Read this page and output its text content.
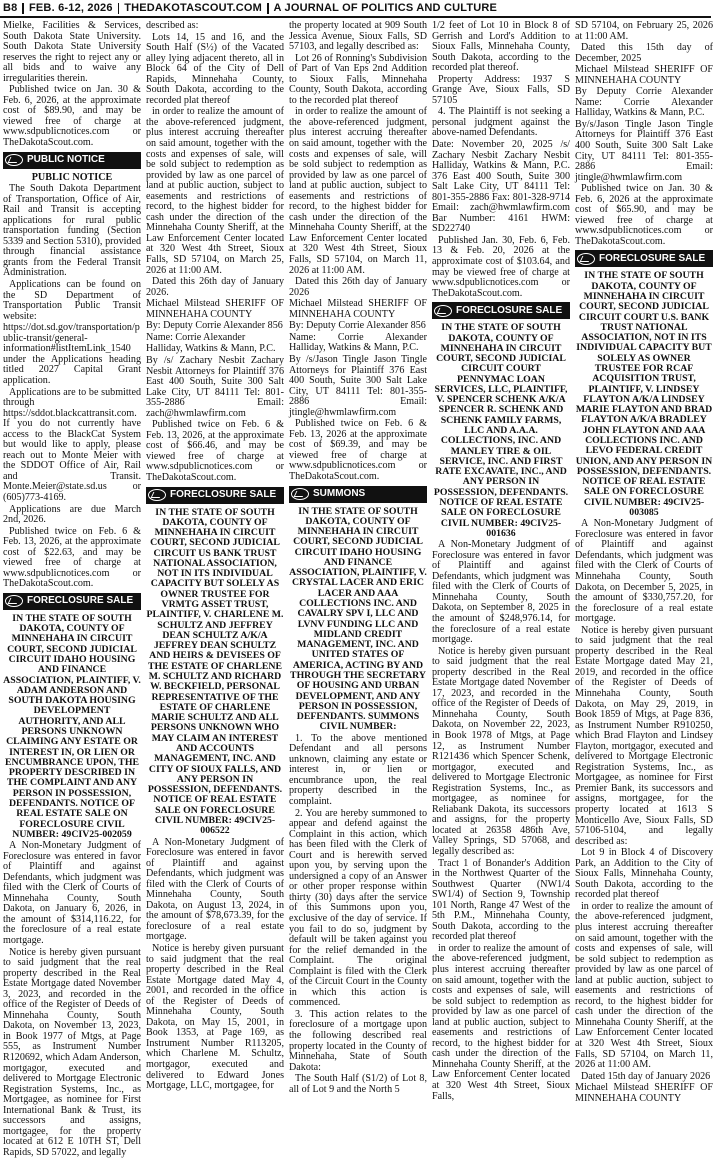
B8 FEB. 6-12, 2026 THEDAKOTASCOUT.COM A JOURNAL OF POLITICS AND CULTURE

Mielke, Facilities & Services, South Dakota State University. South Dakota State University reserves the right to reject any or all bids and to waive any irregularities therein.

Published twice on Jan. 30 & Feb. 6, 2026, at the approximate cost of $89.90, and may be viewed free of charge at www.sdpublicnotices.com or TheDakotaScout.com.

PUBLIC NOTICE

PUBLIC NOTICE

The South Dakota Department of Transportation, Office of Air, Rail and Transit is accepting applications for rural public transportation funding (Section 5339 and Section 5310), provided through financial assistance grants from the Federal Transit Administration.

Applications can be found on the SD Department of Transportation Public Transit website:

https://dot.sd.gov/transportation/public-transit/general-information#listItemLink_1540 under the Applications heading titled 2027 Capital Grant application.

Applications are to be submitted through https://sddot.blackcattransit.com. If you do not currently have access to the BlackCat System but would like to apply, please reach out to Monte Meier with the SDDOT Office of Air, Rail and Transit. Monte.Meier@state.sd.us or (605)773-4169.

Applications are due March 2nd, 2026.

Published twice on Feb. 6 & Feb. 13, 2026, at the approximate cost of $22.63, and may be viewed free of charge at www.sdpublicnotices.com or TheDakotaScout.com.

FORECLOSURE SALE

IN THE STATE OF SOUTH DAKOTA, COUNTY OF MINNEHAHA IN CIRCUIT COURT, SECOND JUDICIAL CIRCUIT IDAHO HOUSING AND FINANCE ASSOCIATION, PLAINTIFF, V. ADAM ANDERSON AND SOUTH DAKOTA HOUSING DEVELOPMENT AUTHORITY, AND ALL PERSONS UNKNOWN CLAIMING ANY ESTATE OR INTEREST IN, OR LIEN OR ENCUMBRANCE UPON, THE PROPERTY DESCRIBED IN THE COMPLAINT AND ANY PERSON IN POSSESSION, DEFENDANTS. NOTICE OF REAL ESTATE SALE ON FORECLOSURE CIVIL NUMBER: 49CIV25-002059

A Non-Monetary Judgment of Foreclosure was entered in favor of Plaintiff and against Defendants, which judgment was filed with the Clerk of Courts of Minnehaha County, South Dakota, on January 6, 2026, in the amount of $314,116.22, for the foreclosure of a real estate mortgage.

Notice is hereby given pursuant to said judgment that the real property described in the Real Estate Mortgage dated November 3, 2023, and recorded in the office of the Register of Deeds of Minnehaha County, South Dakota, on November 13, 2023, in Book 1977 of Mtgs, at Page 555, as Instrument Number R120692, which Adam Anderson, mortgagor, executed and delivered to Mortgage Electronic Registration Systems, Inc., as Mortgagee, as nominee for First International Bank & Trust, its successors and assigns, mortgagee, for the property located at 612 E 10TH ST, Dell Rapids, SD 57022, and legally

described as:

Lots 14, 15 and 16, and the South Half (S½) of the Vacated alley lying adjacent thereto, all in Block 64 of the City of Dell Rapids, Minnehaha County, South Dakota, according to the recorded plat thereof

in order to realize the amount of the above-referenced judgment, plus interest accruing thereafter on said amount, together with the costs and expenses of sale, will be sold subject to redemption as provided by law as one parcel of land at public auction, subject to easements and restrictions of record, to the highest bidder for cash under the direction of the Minnehaha County Sheriff, at the Law Enforcement Center located at 320 West 4th Street, Sioux Falls, SD 57104, on March 25, 2026 at 11:00 AM.

Dated this 26th day of January 2026.

Michael Milstead SHERIFF OF MINNEHAHA COUNTY

By: Deputy Corrie Alexander 856

Name: Corrie Alexander

Halliday, Watkins & Mann, P.C.

By /s/ Zachary Nesbit Zachary Nesbit Attorneys for Plaintiff 376 East 400 South, Suite 300 Salt Lake City, UT 84111 Tel: 801-355-2886 Email: zach@hwmlawfirm.com

Published twice on Feb. 6 & Feb. 13, 2026, at the approximate cost of $66.46, and may be viewed free of charge at www.sdpublicnotices.com or TheDakotaScout.com.

FORECLOSURE SALE

IN THE STATE OF SOUTH DAKOTA, COUNTY OF MINNEHAHA IN CIRCUIT COURT, SECOND JUDICIAL CIRCUIT US BANK TRUST NATIONAL ASSOCIATION, NOT IN ITS INDIVIDUAL CAPACITY BUT SOLELY AS OWNER TRUSTEE FOR VRMTG ASSET TRUST, PLAINTIFF, V. CHARLENE M. SCHULTZ AND JEFFREY DEAN SCHULTZ A/K/A JEFFREY DEAN SCHULTZ AND HEIRS & DEVISEES OF THE ESTATE OF CHARLENE M. SCHULTZ AND RICHARD W. BECKFIELD, PERSONAL REPRESENTATIVE OF THE ESTATE OF CHARLENE MARIE SCHULTZ AND ALL PERSONS UNKNOWN WHO MAY CLAIM AN INTEREST AND ACCOUNTS MANAGEMENT, INC. AND CITY OF SIOUX FALLS, AND ANY PERSON IN POSSESSION, DEFENDANTS. NOTICE OF REAL ESTATE SALE ON FORECLOSURE CIVIL NUMBER: 49CIV25-006522

A Non-Monetary Judgment of Foreclosure was entered in favor of Plaintiff and against Defendants, which judgment was filed with the Clerk of Courts of Minnehaha County, South Dakota, on August 13, 2024, in the amount of $78,673.39, for the foreclosure of a real estate mortgage.

Notice is hereby given pursuant to said judgment that the real property described in the Real Estate Mortgage dated May 4, 2001, and recorded in the office of the Register of Deeds of Minnehaha County, South Dakota, on May 15, 2001, in Book 1353, at Page 169, as Instrument Number R113205, which Charlene M. Schultz, mortgagor, executed and delivered to Edward Jones Mortgage, LLC, mortgagee, for

the property located at 909 South Jessica Avenue, Sioux Falls, SD 57103, and legally described as:

Lot 26 of Ronning's Subdivision of Part of Van Eps 2nd Addition to Sioux Falls, Minnehaha County, South Dakota, according to the recorded plat thereof

in order to realize the amount of the above-referenced judgment, plus interest accruing thereafter on said amount, together with the costs and expenses of sale, will be sold subject to redemption as provided by law as one parcel of land at public auction, subject to easements and restrictions of record, to the highest bidder for cash under the direction of the Minnehaha County Sheriff, at the Law Enforcement Center located at 320 West 4th Street, Sioux Falls, SD 57104, on March 11, 2026 at 11:00 AM.

Dated this 26th day of January 2026

Michael Milstead SHERIFF OF MINNEHAHA COUNTY

By: Deputy Corrie Alexander 856

Name: Corrie Alexander Halliday, Watkins & Mann, P.C.

By /s/Jason Tingle Jason Tingle Attorneys for Plaintiff 376 East 400 South, Suite 300 Salt Lake City, UT 84111 Tel: 801-355-2886 Email: jtingle@hwmlawfirm.com

Published twice on Feb. 6 & Feb. 13, 2026 at the approximate cost of $69.39, and may be viewed free of charge at www.sdpublicnotices.com or TheDakotaScout.com.

SUMMONS

IN THE STATE OF SOUTH DAKOTA, COUNTY OF MINNEHAHA IN CIRCUIT COURT, SECOND JUDICIAL CIRCUIT IDAHO HOUSING AND FINANCE ASSOCIATION, PLAINTIFF, V. CRYSTAL LACER AND ERIC LACER AND AAA COLLECTIONS INC. AND CAVALRY SPV I, LLC AND LVNV FUNDING LLC AND MIDLAND CREDIT MANAGEMENT, INC. AND UNITED STATES OF AMERICA, ACTING BY AND THROUGH THE SECRETARY OF HOUSING AND URBAN DEVELOPMENT, AND ANY PERSON IN POSSESSION, DEFENDANTS. SUMMONS CIVIL NUMBER:

1. To the above mentioned Defendant and all persons unknown, claiming any estate or interest in, or lien or encumbrance upon, the real property described in the complaint.

2. You are hereby summoned to appear and defend against the Complaint in this action, which has been filed with the Clerk of Court and is herewith served upon you, by serving upon the undersigned a copy of an Answer or other proper response within thirty (30) days after the service of this Summons upon you, exclusive of the day of service. If you fail to do so, judgment by default will be taken against you for the relief demanded in the Complaint. The original Complaint is filed with the Clerk of the Circuit Court in the County in which this action is commenced.

3. This action relates to the foreclosure of a mortgage upon the following described real property located in the County of Minnehaha, State of South Dakota:

The South Half (S1/2) of Lot 8, all of Lot 9 and the North 5

1/2 feet of Lot 10 in Block 8 of Gerrish and Lord's Addition to Sioux Falls, Minnehaha County, South Dakota, according to the recorded plat thereof.

Property Address: 1937 S Grange Ave, Sioux Falls, SD 57105

4. The Plaintiff is not seeking a personal judgment against the above-named Defendants.

Date: November 20, 2025 /s/ Zachary Nesbit Zachary Nesbit Halliday, Watkins & Mann, P.C. 376 East 400 South, Suite 300 Salt Lake City, UT 84111 Tel: 801-355-2886 Fax: 801-328-9714 Email: zach@hwmlawfirm.com Bar Number: 4161 HWM: SD22740

Published Jan. 30, Feb. 6, Feb. 13 & Feb. 20, 2026 at the approximate cost of $103.64, and may be viewed free of charge at www.sdpublicnotices.com or TheDakotaScout.com.

FORECLOSURE SALE

IN THE STATE OF SOUTH DAKOTA, COUNTY OF MINNEHAHA IN CIRCUIT COURT, SECOND JUDICIAL CIRCUIT COURT PENNYMAC LOAN SERVICES, LLC, PLAINTIFF, V. SPENCER SCHENK A/K/A SPENCER R. SCHENK AND SCHENK FAMILY FARMS, LLC AND A.A.A. COLLECTIONS, INC. AND MANLEY TIRE & OIL SERVICE, INC. AND FIRST RATE EXCAVATE, INC., AND ANY PERSON IN POSSESSION, DEFENDANTS. NOTICE OF REAL ESTATE SALE ON FORECLOSURE CIVIL NUMBER: 49CIV25-001636

A Non-Monetary Judgment of Foreclosure was entered in favor of Plaintiff and against Defendants, which judgment was filed with the Clerk of Courts of Minnehaha County, South Dakota, on September 8, 2025 in the amount of $248,976.14, for the foreclosure of a real estate mortgage.

Notice is hereby given pursuant to said judgment that the real property described in the Real Estate Mortgage dated November 17, 2023, and recorded in the office of the Register of Deeds of Minnehaha County, South Dakota, on November 22, 2023, in Book 1978 of Mtgs, at Page 12, as Instrument Number R121436 which Spencer Schenk, mortgagor, executed and delivered to Mortgage Electronic Registration Systems, Inc., as mortgagee, as nominee for Reliabank Dakota, its successors and assigns, for the property located at 26358 486th Ave, Valley Springs, SD 57068, and legally described as:

Tract 1 of Bonander's Addition in the Northwest Quarter of the Southwest Quarter (NW1/4 SW1/4) of Section 9, Township 101 North, Range 47 West of the 5th P.M., Minnehaha County, South Dakota, according to the recorded plat thereof

in order to realize the amount of the above-referenced judgment, plus interest accruing thereafter on said amount, together with the costs and expenses of sale, will be sold subject to redemption as provided by law as one parcel of land at public auction, subject to easements and restrictions of record, to the highest bidder for cash under the direction of the Minnehaha County Sheriff, at the Law Enforcement Center located at 320 West 4th Street, Sioux Falls,

SD 57104, on February 25, 2026 at 11:00 AM.

Dated this 15th day of December, 2025

Michael Milstead SHERIFF OF MINNEHAHA COUNTY

By Deputy Corrie Alexander Name: Corrie Alexander Halliday, Watkins & Mann, P.C.

By/s/Jason Tingle Jason Tingle Attorneys for Plaintiff 376 East 400 South, Suite 300 Salt Lake City, UT 84111 Tel: 801-355-2886 Email: jtingle@hwmlawfirm.com

Published twice on Jan. 30 & Feb. 6, 2026 at the approximate cost of $65.90, and may be viewed free of charge at www.sdpublicnotices.com or TheDakotaScout.com.

FORECLOSURE SALE

IN THE STATE OF SOUTH DAKOTA, COUNTY OF MINNEHAHA IN CIRCUIT COURT, SECOND JUDICIAL CIRCUIT COURT U.S. BANK TRUST NATIONAL ASSOCIATION, NOT IN ITS INDIVIDUAL CAPACITY BUT SOLELY AS OWNER TRUSTEE FOR RCAF ACQUISITION TRUST, PLAINTIFF, V. LINDSEY FLAYTON A/K/A LINDSEY MARIE FLAYTON AND BRAD FLAYTON A/K/A BRADLEY JOHN FLAYTON AND AAA COLLECTIONS INC. AND LEVO FEDERAL CREDIT UNION, AND ANY PERSON IN POSSESSION, DEFENDANTS. NOTICE OF REAL ESTATE SALE ON FORECLOSURE CIVIL NUMBER: 49CIV25-003085

A Non-Monetary Judgment of Foreclosure was entered in favor of Plaintiff and against Defendants, which judgment was filed with the Clerk of Courts of Minnehaha County, South Dakota, on December 5, 2025, in the amount of $330,757.20, for the foreclosure of a real estate mortgage.

Notice is hereby given pursuant to said judgment that the real property described in the Real Estate Mortgage dated May 21, 2019, and recorded in the office of the Register of Deeds of Minnehaha County, South Dakota, on May 29, 2019, in Book 1859 of Mtgs, at Page 836, as Instrument Number R910250, which Brad Flayton and Lindsey Flayton, mortgagor, executed and delivered to Mortgage Electronic Registration Systems, Inc., as Mortgagee, as nominee for First Premier Bank, its successors and assigns, mortgagee, for the property located at 1613 S Monticello Ave, Sioux Falls, SD 57106-5104, and legally described as:

Lot 9 in Block 4 of Discovery Park, an Addition to the City of Sioux Falls, Minnehaha County, South Dakota, according to the recorded plat thereof

in order to realize the amount of the above-referenced judgment, plus interest accruing thereafter on said amount, together with the costs and expenses of sale, will be sold subject to redemption as provided by law as one parcel of land at public auction, subject to easements and restrictions of record, to the highest bidder for cash under the direction of the Minnehaha County Sheriff, at the Law Enforcement Center located at 320 West 4th Street, Sioux Falls, SD 57104, on March 11, 2026 at 11:00 AM.

Dated 15th day of January 2026

Michael Milstead SHERIFF OF MINNEHAHA COUNTY
